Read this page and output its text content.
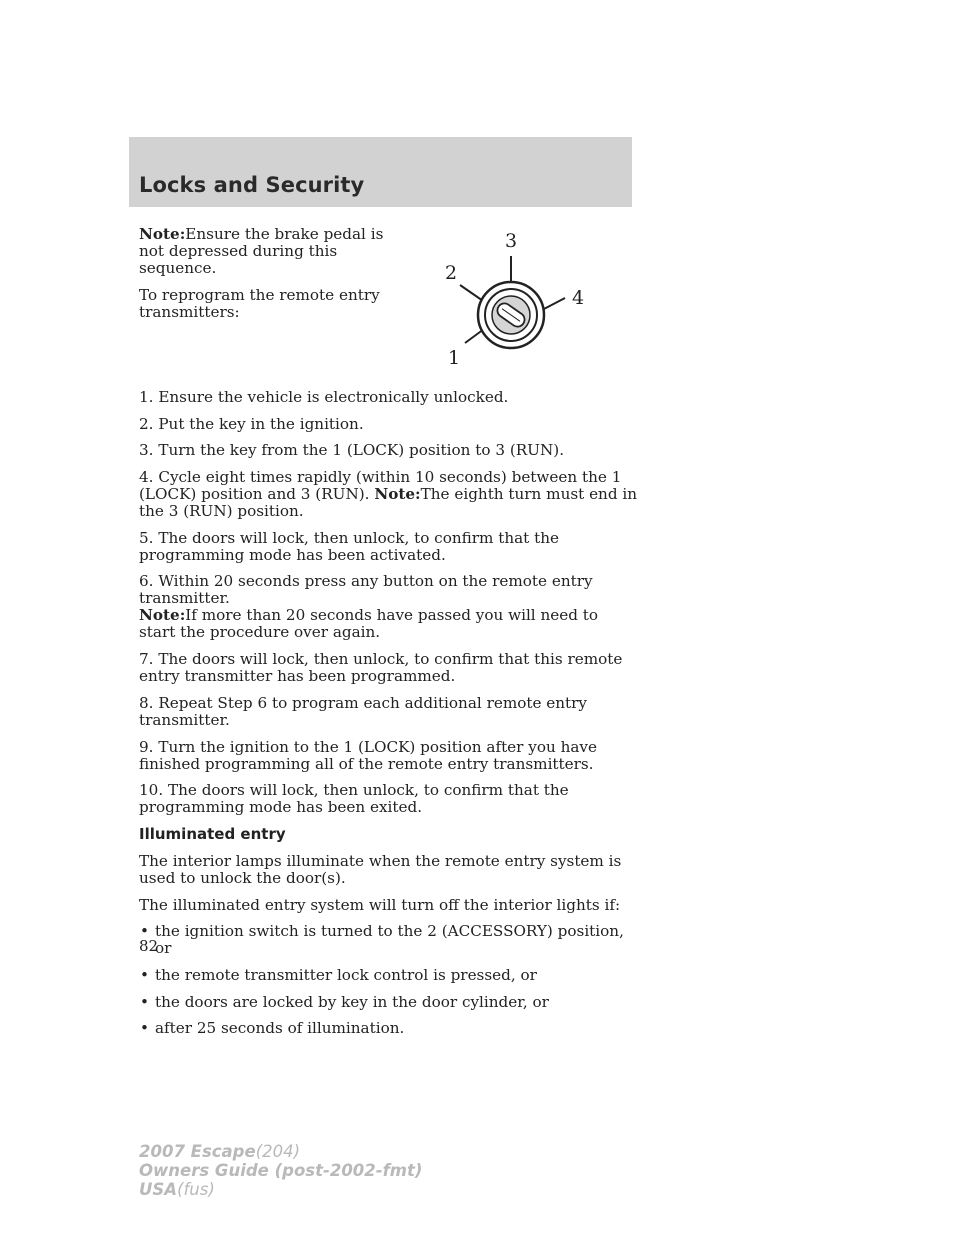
Locks and Security

Note:Ensure the brake pedal is not depressed during this sequence.

To reprogram the remote entry transmitters:

3
2
4
1

1. Ensure the vehicle is electronically unlocked.

2. Put the key in the ignition.

3. Turn the key from the 1 (LOCK) position to 3 (RUN).

4. Cycle eight times rapidly (within 10 seconds) between the 1 (LOCK) position and 3 (RUN). Note:The eighth turn must end in the 3 (RUN) position.

5. The doors will lock, then unlock, to confirm that the programming mode has been activated.

6. Within 20 seconds press any button on the remote entry transmitter.
Note:If more than 20 seconds have passed you will need to start the procedure over again.

7. The doors will lock, then unlock, to confirm that this remote entry transmitter has been programmed.

8. Repeat Step 6 to program each additional remote entry transmitter.

9. Turn the ignition to the 1 (LOCK) position after you have finished programming all of the remote entry transmitters.

10. The doors will lock, then unlock, to confirm that the programming mode has been exited.

Illuminated entry

The interior lamps illuminate when the remote entry system is used to unlock the door(s).

The illuminated entry system will turn off the interior lights if:

• the ignition switch is turned to the 2 (ACCESSORY) position, or
• the remote transmitter lock control is pressed, or
• the doors are locked by key in the door cylinder, or
• after 25 seconds of illumination.

82

2007 Escape(204)
Owners Guide (post-2002-fmt)
USA(fus)
